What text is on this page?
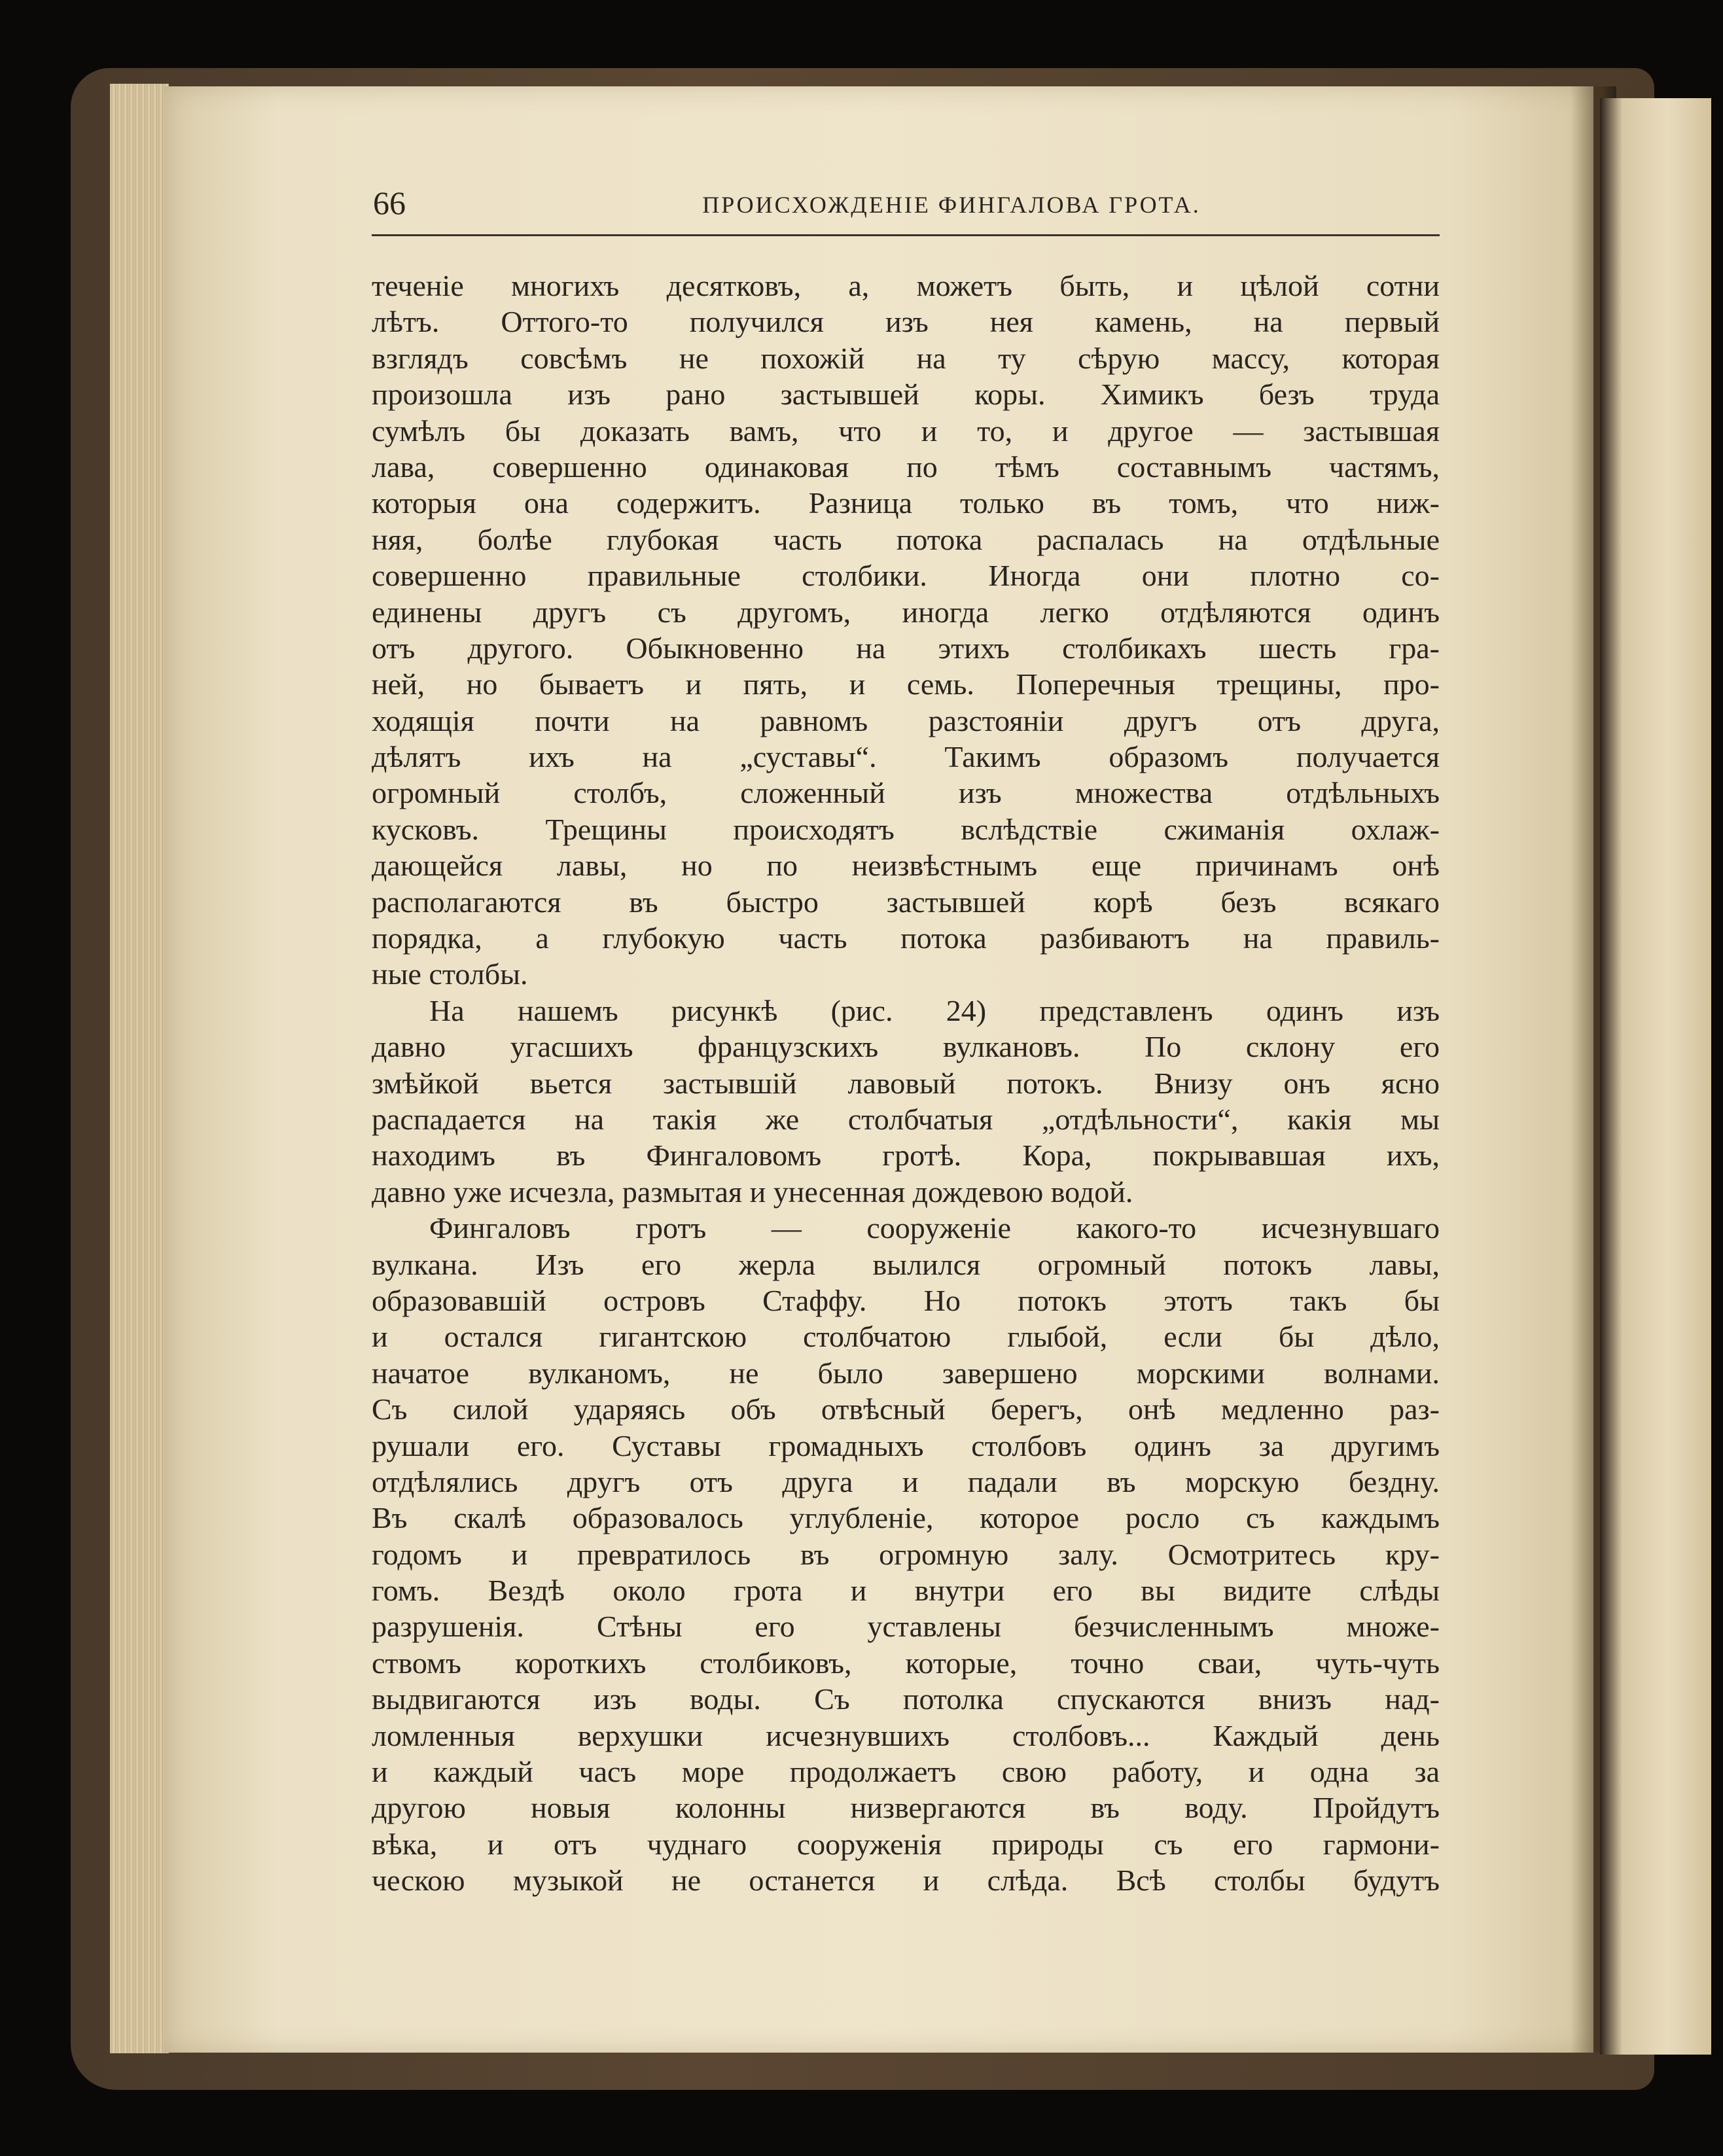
66	ПРОИСХОЖДЕНІЕ ФИНГАЛОВА ГРОТА.
теченіе многихъ десятковъ, а, можетъ быть, и цѣлой сотни
лѣтъ. Оттого-то получился изъ нея камень, на первый
взглядъ совсѣмъ не похожій на ту сѣрую массу, которая
произошла изъ рано застывшей коры. Химикъ безъ труда
сумѣлъ бы доказать вамъ, что и то, и другое — застывшая
лава, совершенно одинаковая по тѣмъ составнымъ частямъ,
которыя она содержитъ. Разница только въ томъ, что ниж-
няя, болѣе глубокая часть потока распалась на отдѣльные
совершенно правильные столбики. Иногда они плотно со-
единены другъ съ другомъ, иногда легко отдѣляются одинъ
отъ другого. Обыкновенно на этихъ столбикахъ шесть гра-
ней, но бываетъ и пять, и семь. Поперечныя трещины, про-
ходящія почти на равномъ разстояніи другъ отъ друга,
дѣлятъ ихъ на „суставы“. Такимъ образомъ получается
огромный столбъ, сложенный изъ множества отдѣльныхъ
кусковъ. Трещины происходятъ вслѣдствіе сжиманія охлаж-
дающейся лавы, но по неизвѣстнымъ еще причинамъ онѣ
располагаются въ быстро застывшей корѣ безъ всякаго
порядка, а глубокую часть потока разбиваютъ на правиль-
ные столбы.
На нашемъ рисункѣ (рис. 24) представленъ одинъ изъ
давно угасшихъ французскихъ вулкановъ. По склону его
змѣйкой вьется застывшій лавовый потокъ. Внизу онъ ясно
распадается на такія же столбчатыя „отдѣльности“, какія мы
находимъ въ Фингаловомъ гротѣ. Кора, покрывавшая ихъ,
давно уже исчезла, размытая и унесенная дождевою водой.
Фингаловъ гротъ — сооруженіе какого-то исчезнувшаго
вулкана. Изъ его жерла вылился огромный потокъ лавы,
образовавшій островъ Стаффу. Но потокъ этотъ такъ бы
и остался гигантскою столбчатою глыбой, если бы дѣло,
начатое вулканомъ, не было завершено морскими волнами.
Съ силой ударяясь объ отвѣсный берегъ, онѣ медленно раз-
рушали его. Суставы громадныхъ столбовъ одинъ за другимъ
отдѣлялись другъ отъ друга и падали въ морскую бездну.
Въ скалѣ образовалось углубленіе, которое росло съ каждымъ
годомъ и превратилось въ огромную залу. Осмотритесь кру-
гомъ. Вездѣ около грота и внутри его вы видите слѣды
разрушенія. Стѣны его уставлены безчисленнымъ множе-
ствомъ короткихъ столбиковъ, которые, точно сваи, чуть-чуть
выдвигаются изъ воды. Съ потолка спускаются внизъ над-
ломленныя верхушки исчезнувшихъ столбовъ... Каждый день
и каждый часъ море продолжаетъ свою работу, и одна за
другою новыя колонны низвергаются въ воду. Пройдутъ
вѣка, и отъ чуднаго сооруженія природы съ его гармони-
ческою музыкой не останется и слѣда. Всѣ столбы будутъ
